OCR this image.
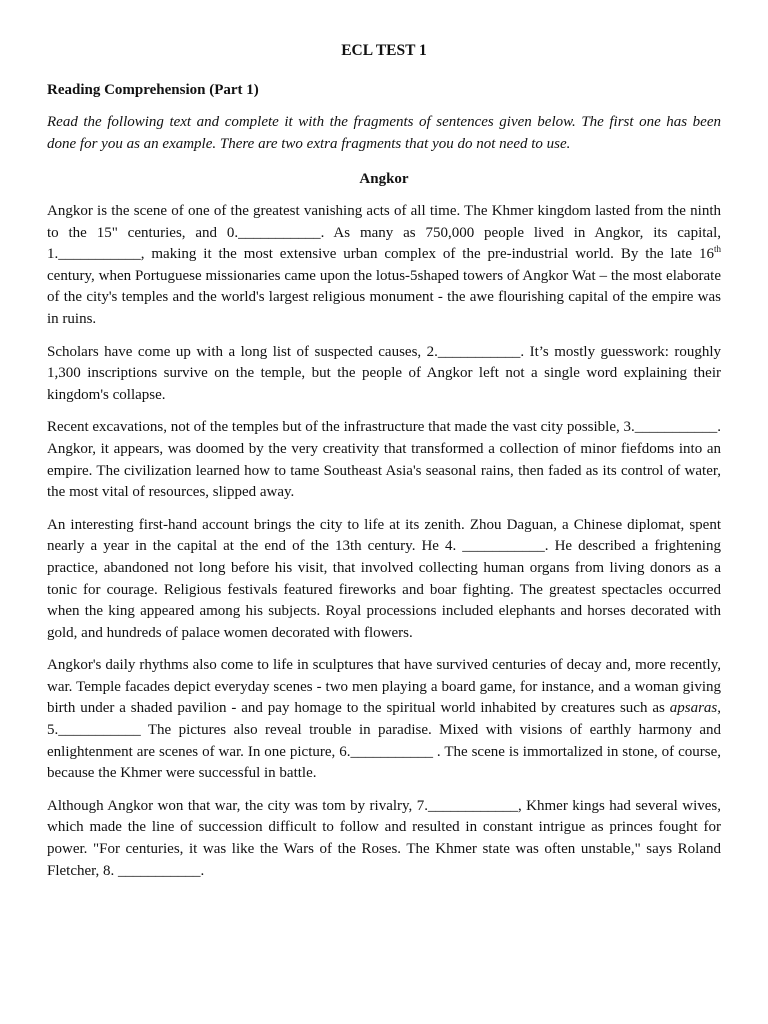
ECL TEST 1
Reading Comprehension (Part 1)
Read the following text and complete it with the fragments of sentences given below. The first one has been done for you as an example. There are two extra fragments that you do not need to use.
Angkor

Angkor is the scene of one of the greatest vanishing acts of all time. The Khmer kingdom lasted from the ninth to the 15" centuries, and 0.___________. As many as 750,000 people lived in Angkor, its capital, 1.___________, making it the most extensive urban complex of the pre-industrial world. By the late 16th century, when Portuguese missionaries came upon the lotus-5shaped towers of Angkor Wat – the most elaborate of the city's temples and the world's largest religious monument - the awe flourishing capital of the empire was in ruins.

Scholars have come up with a long list of suspected causes, 2.___________. It’s mostly guesswork: roughly 1,300 inscriptions survive on the temple, but the people of Angkor left not a single word explaining their kingdom's collapse.

Recent excavations, not of the temples but of the infrastructure that made the vast city possible, 3.___________. Angkor, it appears, was doomed by the very creativity that transformed a collection of minor fiefdoms into an empire. The civilization learned how to tame Southeast Asia's seasonal rains, then faded as its control of water, the most vital of resources, slipped away.

An interesting first-hand account brings the city to life at its zenith. Zhou Daguan, a Chinese diplomat, spent nearly a year in the capital at the end of the 13th century. He 4. ___________. He described a frightening practice, abandoned not long before his visit, that involved collecting human organs from living donors as a tonic for courage. Religious festivals featured fireworks and boar fighting. The greatest spectacles occurred when the king appeared among his subjects. Royal processions included elephants and horses decorated with gold, and hundreds of palace women decorated with flowers.

Angkor's daily rhythms also come to life in sculptures that have survived centuries of decay and, more recently, war. Temple facades depict everyday scenes - two men playing a board game, for instance, and a woman giving birth under a shaded pavilion - and pay homage to the spiritual world inhabited by creatures such as apsaras, 5.___________ The pictures also reveal trouble in paradise. Mixed with visions of earthly harmony and enlightenment are scenes of war. In one picture, 6.___________ . The scene is immortalized in stone, of course, because the Khmer were successful in battle.

Although Angkor won that war, the city was tom by rivalry, 7.____________, Khmer kings had several wives, which made the line of succession difficult to follow and resulted in constant intrigue as princes fought for power. "For centuries, it was like the Wars of the Roses. The Khmer state was often unstable," says Roland Fletcher, 8. ___________.
